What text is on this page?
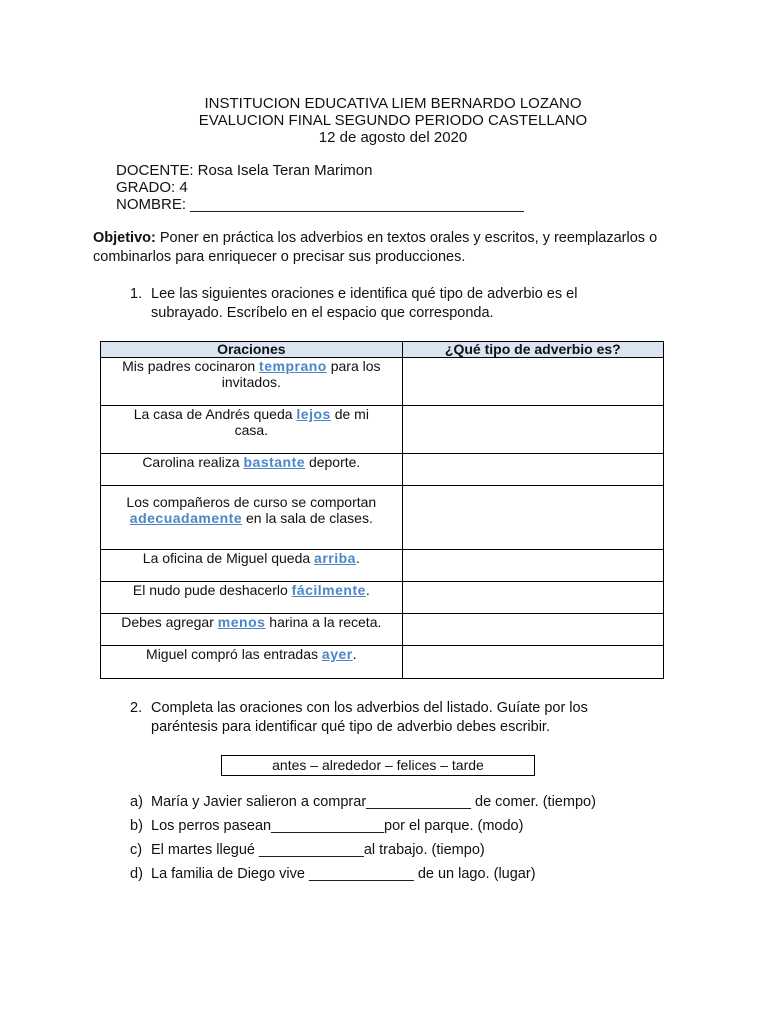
INSTITUCION EDUCATIVA LIEM BERNARDO LOZANO
EVALUCION FINAL SEGUNDO PERIODO CASTELLANO
12 de agosto del 2020
DOCENTE: Rosa Isela Teran Marimon
GRADO: 4
NOMBRE: ________________________________________
Objetivo: Poner en práctica los adverbios en textos orales y escritos, y reemplazarlos o combinarlos para enriquecer o precisar sus producciones.
1. Lee las siguientes oraciones e identifica qué tipo de adverbio es el subrayado. Escríbelo en el espacio que corresponda.
Oraciones	¿Qué tipo de adverbio es?
Mis padres cocinaron temprano para los invitados.	
La casa de Andrés queda lejos de mi casa.	
Carolina realiza bastante deporte.	
Los compañeros de curso se comportan adecuadamente en la sala de clases.	
La oficina de Miguel queda arriba.	
El nudo pude deshacerlo fácilmente.	
Debes agregar menos harina a la receta.	
Miguel compró las entradas ayer.	
2. Completa las oraciones con los adverbios del listado. Guíate por los paréntesis para identificar qué tipo de adverbio debes escribir.
antes – alrededor – felices – tarde
a) María y Javier salieron a comprar_____________ de comer. (tiempo)
b) Los perros pasean______________por el parque. (modo)
c) El martes llegué _____________al trabajo. (tiempo)
d) La familia de Diego vive _____________ de un lago. (lugar)
